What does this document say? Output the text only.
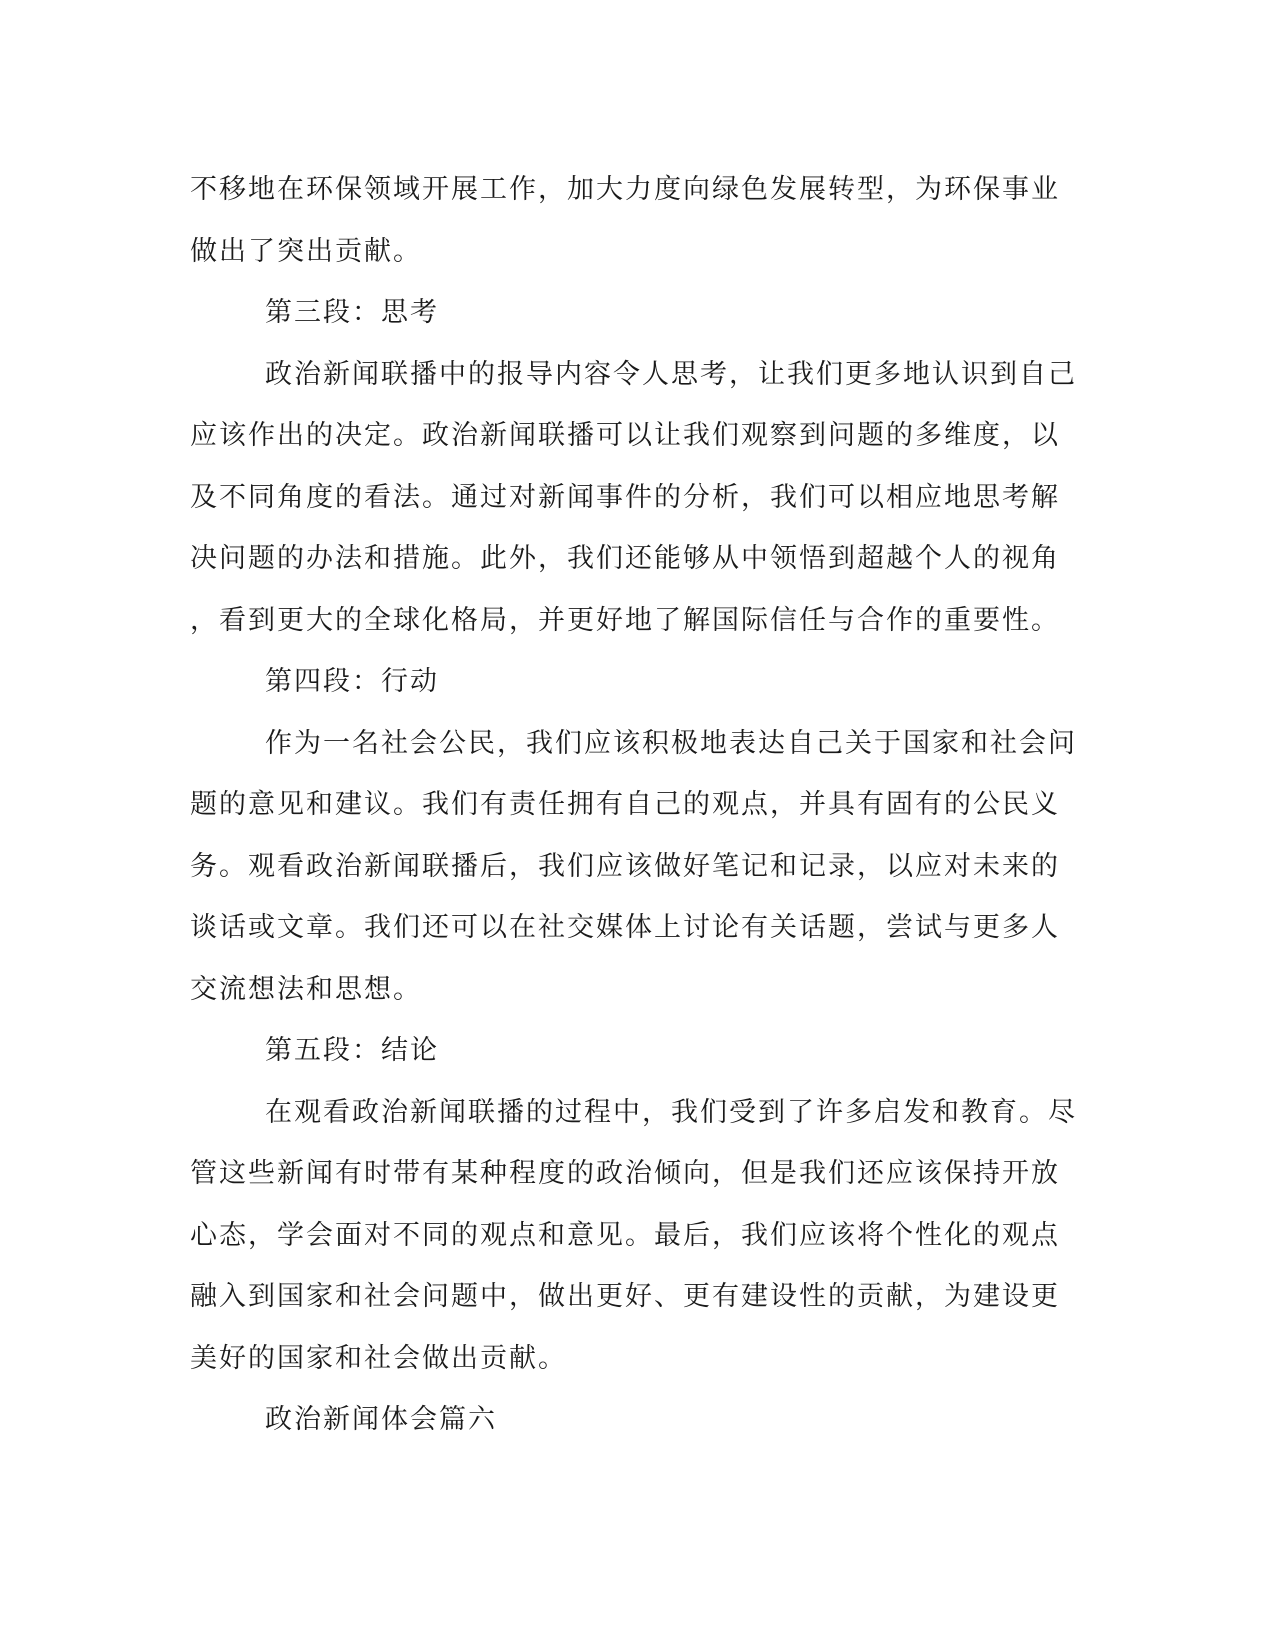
不移地在环保领域开展工作，加大力度向绿色发展转型，为环保事业
做出了突出贡献。
第三段：思考
政治新闻联播中的报导内容令人思考，让我们更多地认识到自己
应该作出的决定。政治新闻联播可以让我们观察到问题的多维度，以
及不同角度的看法。通过对新闻事件的分析，我们可以相应地思考解
决问题的办法和措施。此外，我们还能够从中领悟到超越个人的视角
，看到更大的全球化格局，并更好地了解国际信任与合作的重要性。
第四段：行动
作为一名社会公民，我们应该积极地表达自己关于国家和社会问
题的意见和建议。我们有责任拥有自己的观点，并具有固有的公民义
务。观看政治新闻联播后，我们应该做好笔记和记录，以应对未来的
谈话或文章。我们还可以在社交媒体上讨论有关话题，尝试与更多人
交流想法和思想。
第五段：结论
在观看政治新闻联播的过程中，我们受到了许多启发和教育。尽
管这些新闻有时带有某种程度的政治倾向，但是我们还应该保持开放
心态，学会面对不同的观点和意见。最后，我们应该将个性化的观点
融入到国家和社会问题中，做出更好、更有建设性的贡献，为建设更
美好的国家和社会做出贡献。
政治新闻体会篇六
